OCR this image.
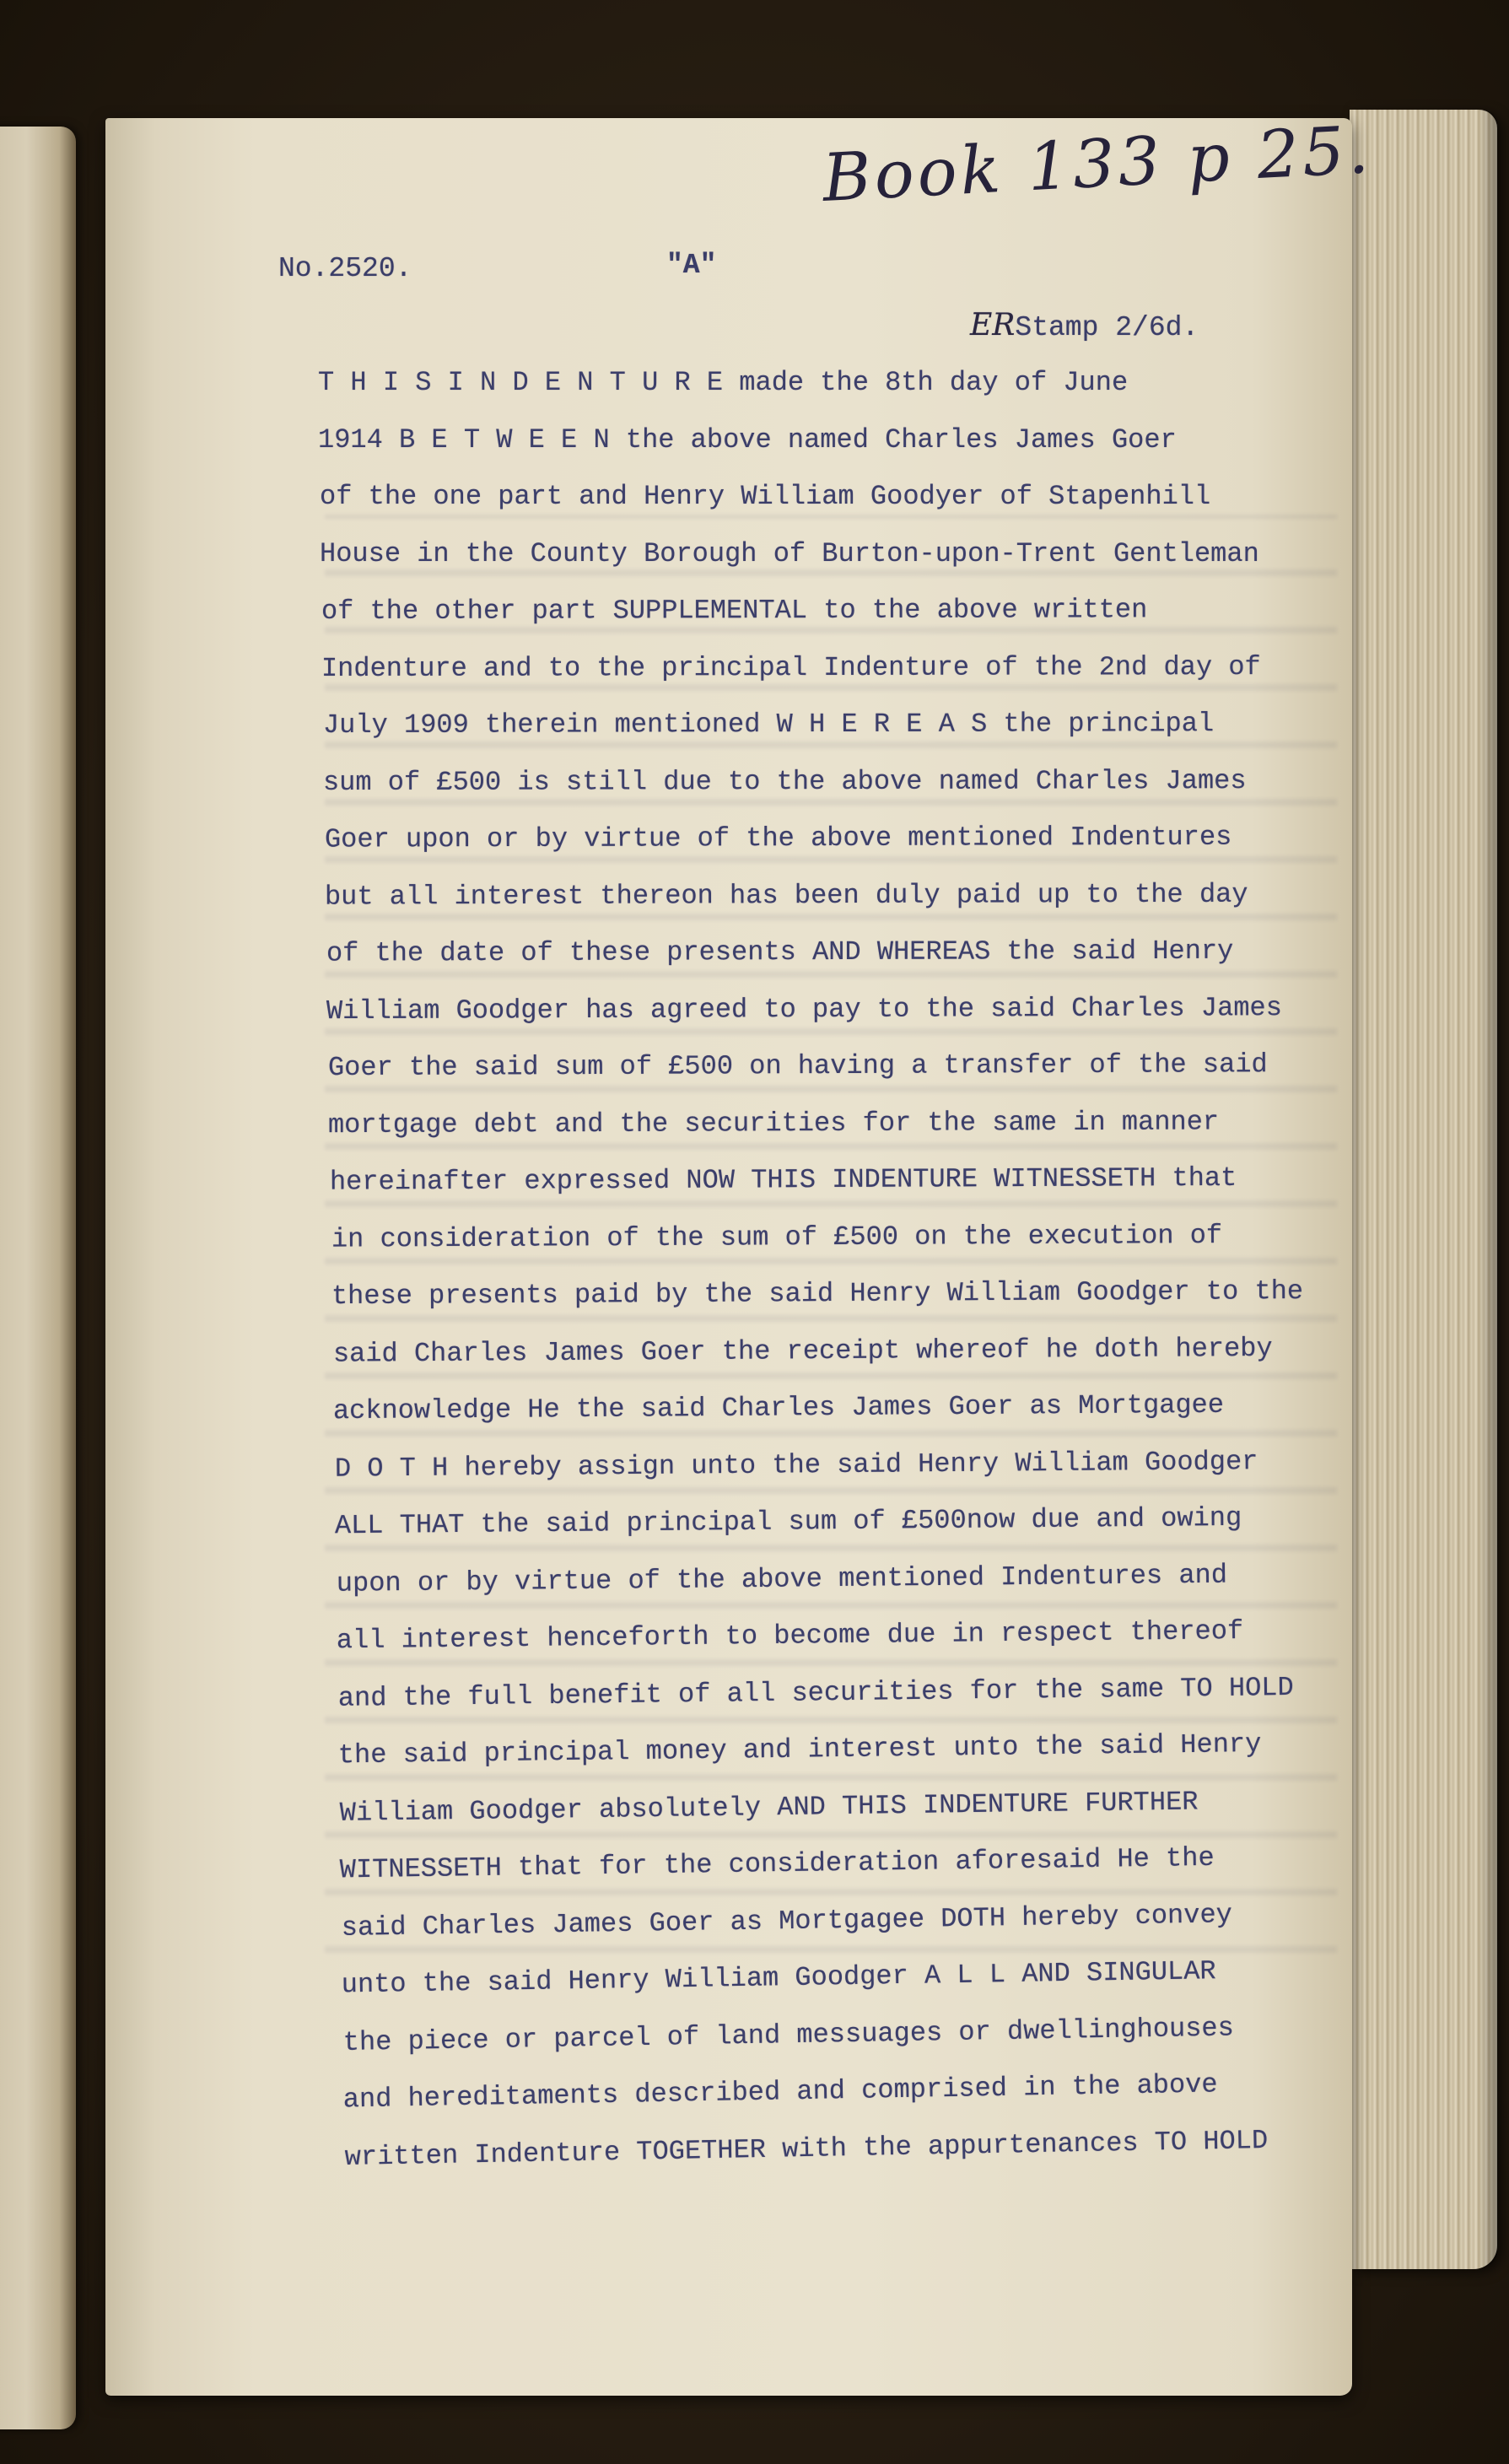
Book 133 p 25.
No.2520.	"A"
ERStamp 2/6d.
T H I S I N D E N T U R E made the 8th day of June
1914 B E T W E E N the above named Charles James Goer
of the one part and Henry William Goodyer of Stapenhill
House in the County Borough of Burton-upon-Trent Gentleman
of the other part SUPPLEMENTAL to the above written
Indenture and to the principal Indenture of the 2nd day of
July 1909 therein mentioned W H E R E A S the principal
sum of £500 is still due to the above named Charles James
Goer upon or by virtue of the above mentioned Indentures
but all interest thereon has been duly paid up to the day
of the date of these presents AND WHEREAS the said Henry
William Goodger has agreed to pay to the said Charles James
Goer the said sum of £500 on having a transfer of the said
mortgage debt and the securities for the same in manner
hereinafter expressed NOW THIS INDENTURE WITNESSETH that
in consideration of the sum of £500 on the execution of
these presents paid by the said Henry William Goodger to the
said Charles James Goer the receipt whereof he doth hereby
acknowledge He the said Charles James Goer as Mortgagee
D O T H hereby assign unto the said Henry William Goodger
ALL THAT the said principal sum of £500now due and owing
upon or by virtue of the above mentioned Indentures and
all interest henceforth to become due in respect thereof
and the full benefit of all securities for the same TO HOLD
the said principal money and interest unto the said Henry
William Goodger absolutely AND THIS INDENTURE FURTHER
WITNESSETH that for the consideration aforesaid He the
said Charles James Goer as Mortgagee DOTH hereby convey
unto the said Henry William Goodger A L L AND SINGULAR
the piece or parcel of land messuages or dwellinghouses
and hereditaments described and comprised in the above
written Indenture TOGETHER with the appurtenances TO HOLD
